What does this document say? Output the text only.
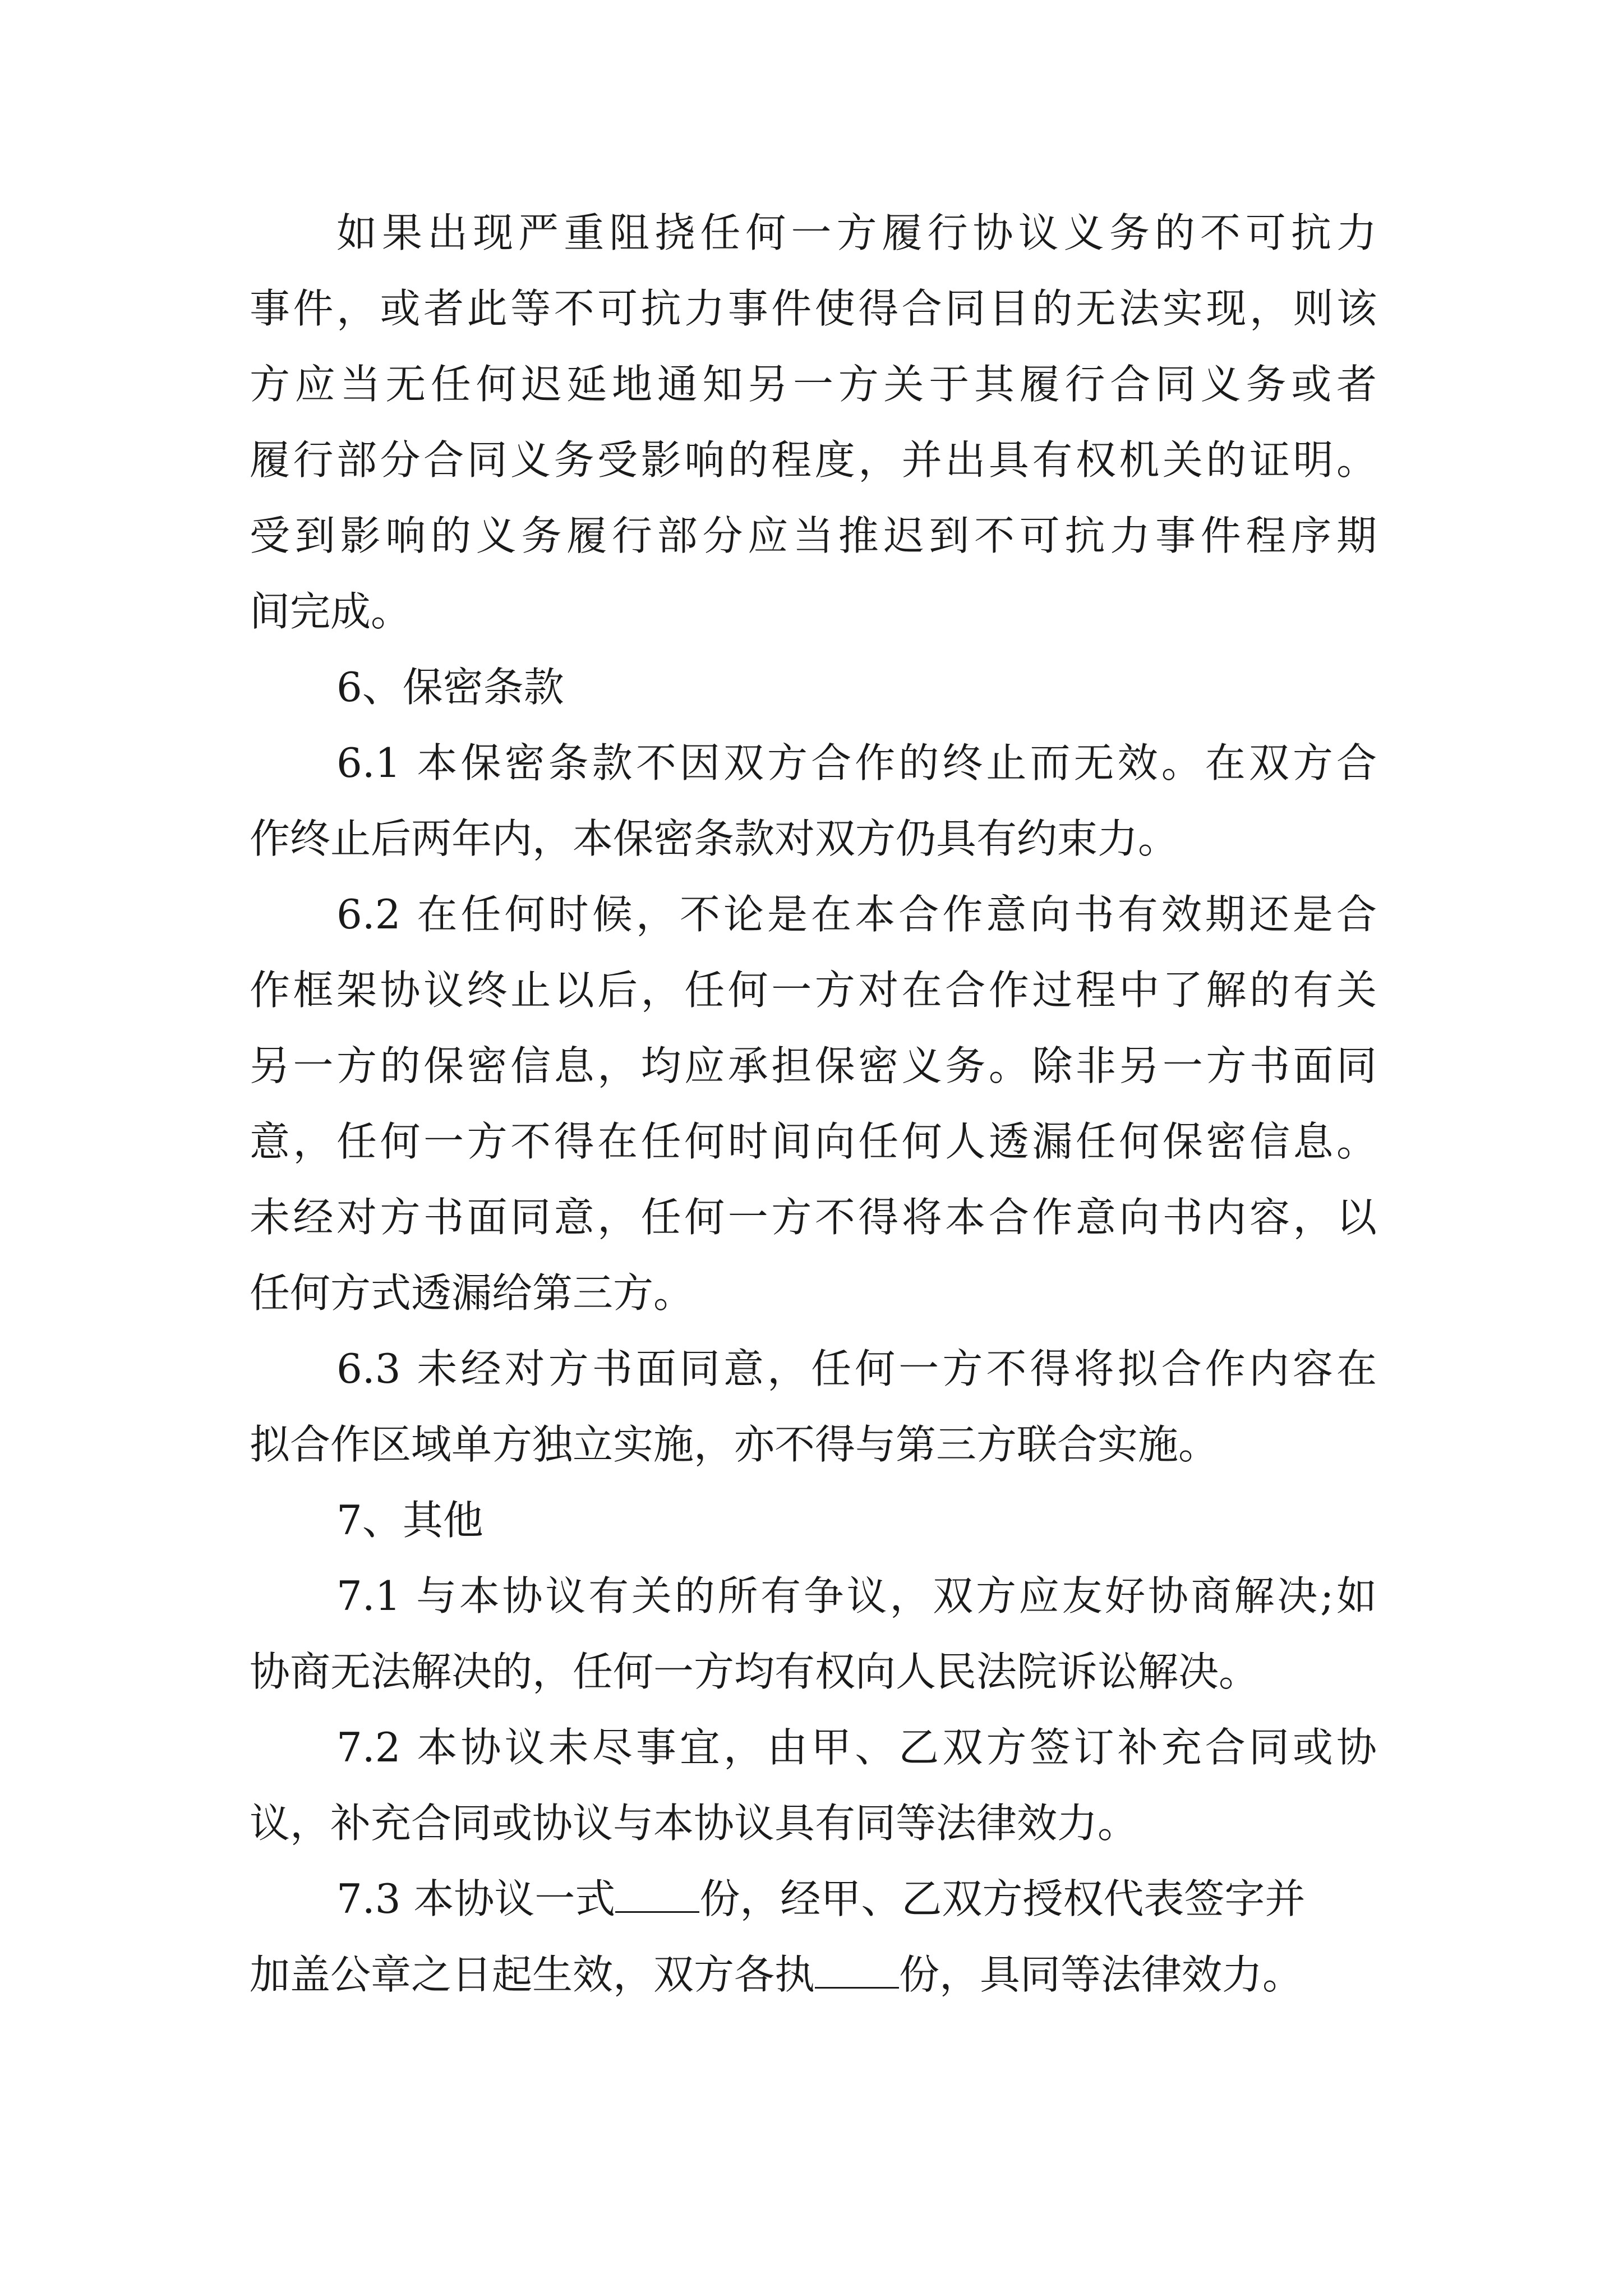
如果出现严重阻挠任何一方履行协议义务的不可抗力
事件，或者此等不可抗力事件使得合同目的无法实现，则该
方应当无任何迟延地通知另一方关于其履行合同义务或者
履行部分合同义务受影响的程度，并出具有权机关的证明。
受到影响的义务履行部分应当推迟到不可抗力事件程序期
间完成。
6、保密条款
6.1 本保密条款不因双方合作的终止而无效。在双方合
作终止后两年内，本保密条款对双方仍具有约束力。
6.2 在任何时候，不论是在本合作意向书有效期还是合
作框架协议终止以后，任何一方对在合作过程中了解的有关
另一方的保密信息，均应承担保密义务。除非另一方书面同
意，任何一方不得在任何时间向任何人透漏任何保密信息。
未经对方书面同意，任何一方不得将本合作意向书内容，以
任何方式透漏给第三方。
6.3 未经对方书面同意，任何一方不得将拟合作内容在
拟合作区域单方独立实施，亦不得与第三方联合实施。
7、其他
7.1 与本协议有关的所有争议，双方应友好协商解决;如
协商无法解决的，任何一方均有权向人民法院诉讼解决。
7.2 本协议未尽事宜，由甲、乙双方签订补充合同或协
议，补充合同或协议与本协议具有同等法律效力。
7.3 本协议一式 份，经甲、乙双方授权代表签字并
加盖公章之日起生效，双方各执 份，具同等法律效力。
